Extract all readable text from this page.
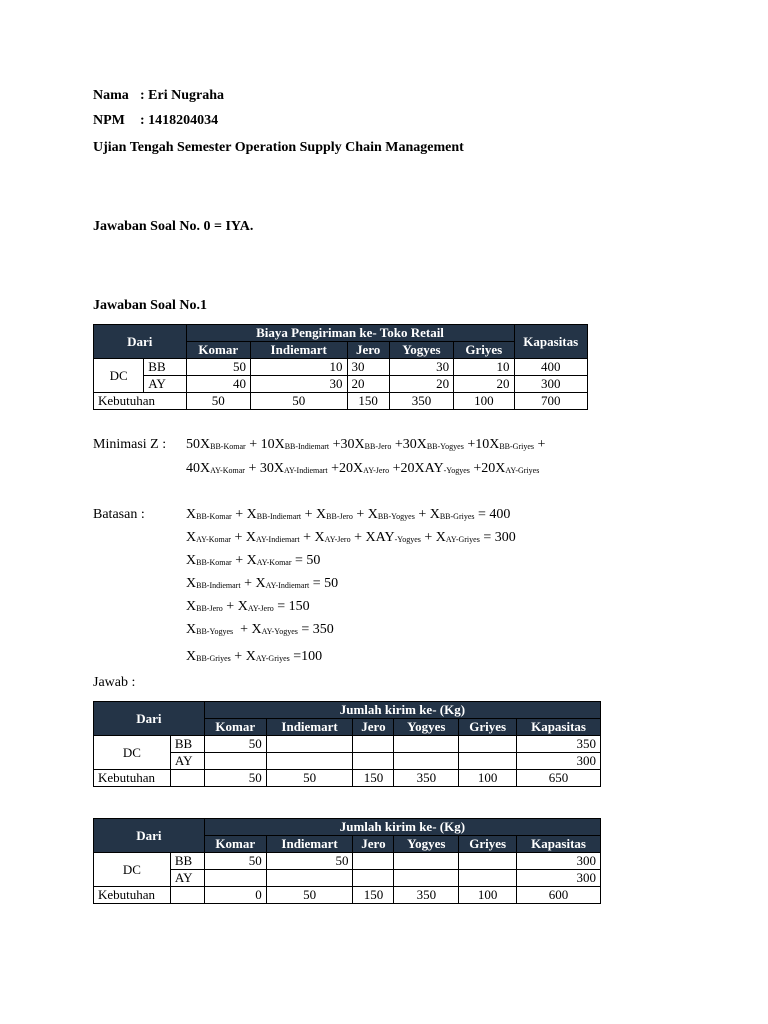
Nama : Eri Nugraha
NPM : 1418204034
Ujian Tengah Semester Operation Supply Chain Management
Jawaban Soal No. 0 = IYA.
Jawaban Soal No.1
Dari		Biaya Pengiriman ke- Toko Retail					Kapasitas
		Komar	Indiemart	Jero	Yogyes	Griyes	
DC	BB	50	10	30	30	10	400
	AY	40	30	20	20	20	300
Kebutuhan		50	50	150	350	100	700
Minimasi Z : $50X_{BB-Komar} + 10X_{BB-Indiemart} +30X_{BB-Jero} +30X_{BB-Yogyes} +10X_{BB-Griyes}$ +
$40X_{AY-Komar} + 30X_{AY-Indiemart} +20X_{AY-Jero} +20XAY_{-Yogyes} +20X_{AY-Griyes}$
Batasan :	$X_{BB-Komar} + X_{BB-Indiemart} + X_{BB-Jero} + X_{BB-Yogyes} + X_{BB-Griyes} = 400$
$X_{AY-Komar} + X_{AY-Indiemart} + X_{AY-Jero} + XAY_{-Yogyes} + X_{AY-Griyes} = 300$
$X_{BB-Komar} + X_{AY-Komar} = 50$
$X_{BB-Indiemart} + X_{AY-Indiemart} = 50$
$X_{BB-Jero} + X_{AY-Jero} = 150$
$X_{BB-Yogyes} + X_{AY-Yogyes} = 350$
$X_{BB-Griyes} + X_{AY-Griyes} =100$
Jawab :
Dari		Jumlah kirim ke- (Kg)					
		Komar	Indiemart	Jero	Yogyes	Griyes	Kapasitas
DC	BB	50					350
	AY						300
Kebutuhan		50	50	150	350	100	650
Dari		Jumlah kirim ke- (Kg)					
		Komar	Indiemart	Jero	Yogyes	Griyes	Kapasitas
DC	BB	50	50				300
	AY						300
Kebutuhan		0	50	150	350	100	600
